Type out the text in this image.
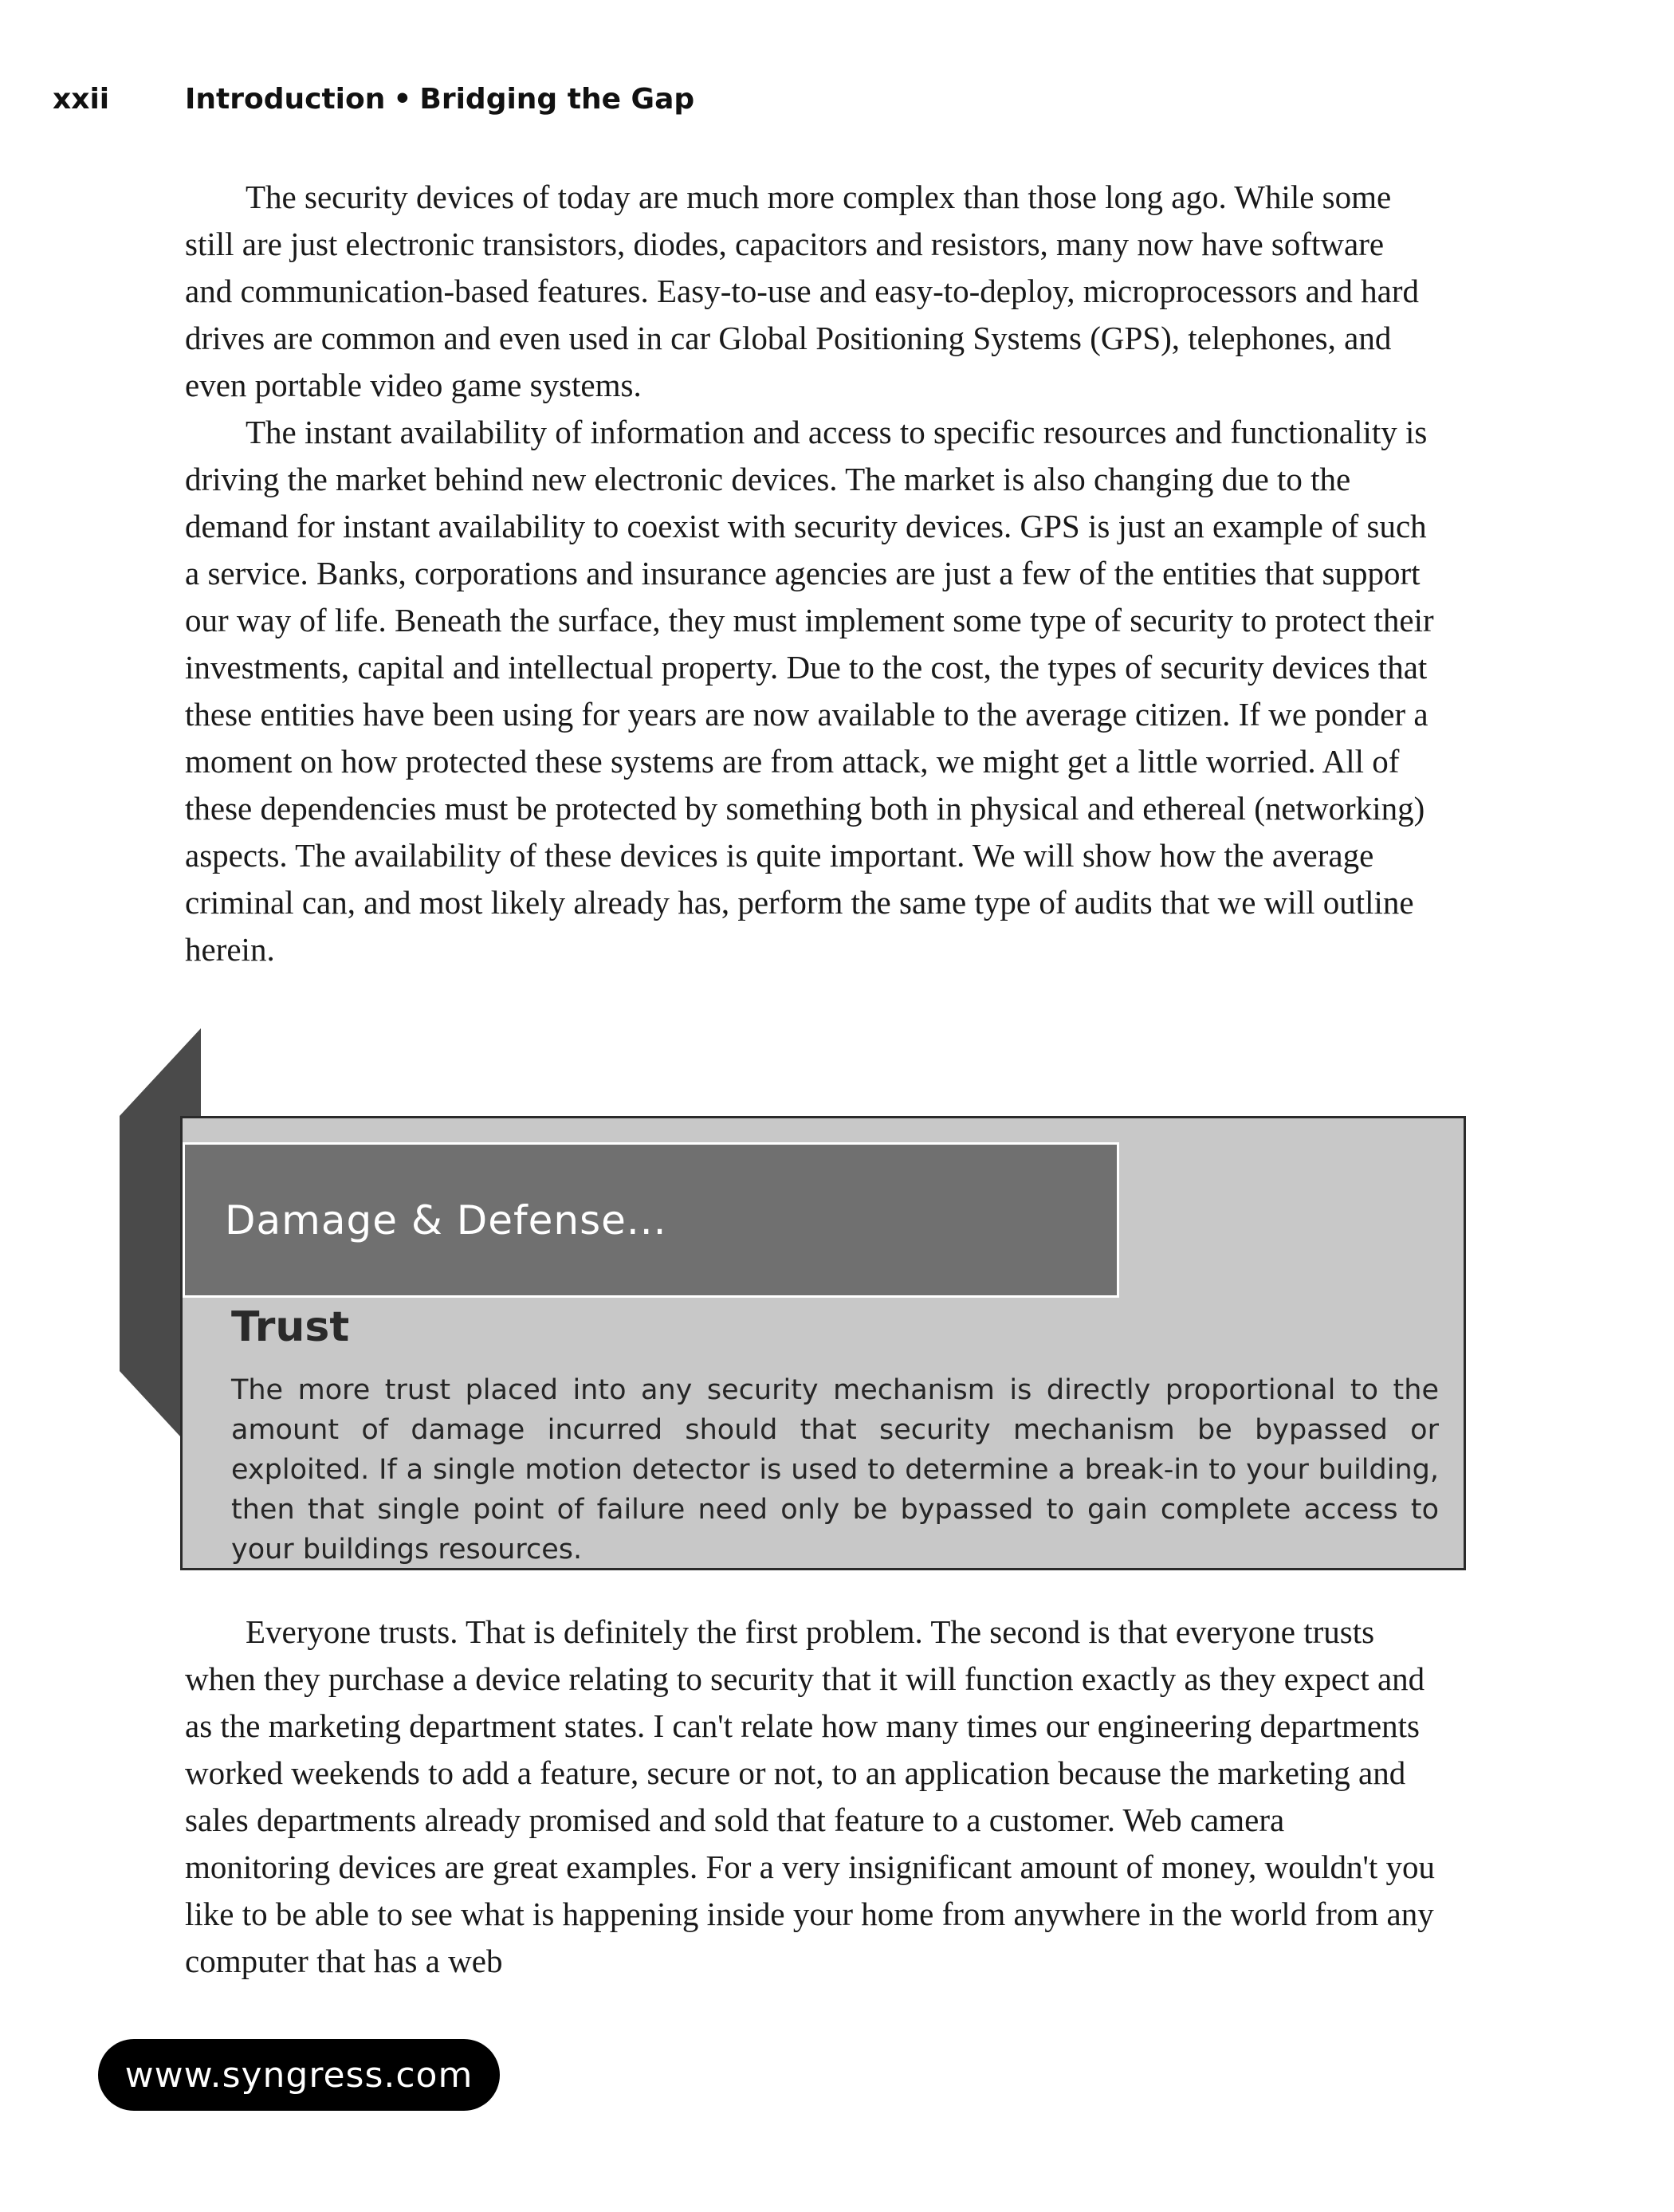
xxii	Introduction • Bridging the Gap

The security devices of today are much more complex than those long ago. While some still are just electronic transistors, diodes, capacitors and resistors, many now have software and communication-based features. Easy-to-use and easy-to-deploy, microprocessors and hard drives are common and even used in car Global Positioning Systems (GPS), telephones, and even portable video game systems.

The instant availability of information and access to specific resources and functionality is driving the market behind new electronic devices. The market is also changing due to the demand for instant availability to coexist with security devices. GPS is just an example of such a service. Banks, corporations and insurance agencies are just a few of the entities that support our way of life. Beneath the surface, they must implement some type of security to protect their investments, capital and intellectual property. Due to the cost, the types of security devices that these entities have been using for years are now available to the average citizen. If we ponder a moment on how protected these systems are from attack, we might get a little worried. All of these dependencies must be protected by something both in physical and ethereal (networking) aspects. The availability of these devices is quite important. We will show how the average criminal can, and most likely already has, perform the same type of audits that we will outline herein.

Damage & Defense...
Trust
The more trust placed into any security mechanism is directly proportional to the amount of damage incurred should that security mechanism be bypassed or exploited. If a single motion detector is used to determine a break-in to your building, then that single point of failure need only be bypassed to gain complete access to your buildings resources.

Everyone trusts. That is definitely the first problem. The second is that everyone trusts when they purchase a device relating to security that it will function exactly as they expect and as the marketing department states. I can't relate how many times our engineering departments worked weekends to add a feature, secure or not, to an application because the marketing and sales departments already promised and sold that feature to a customer. Web camera monitoring devices are great examples. For a very insignificant amount of money, wouldn't you like to be able to see what is happening inside your home from anywhere in the world from any computer that has a web

www.syngress.com
